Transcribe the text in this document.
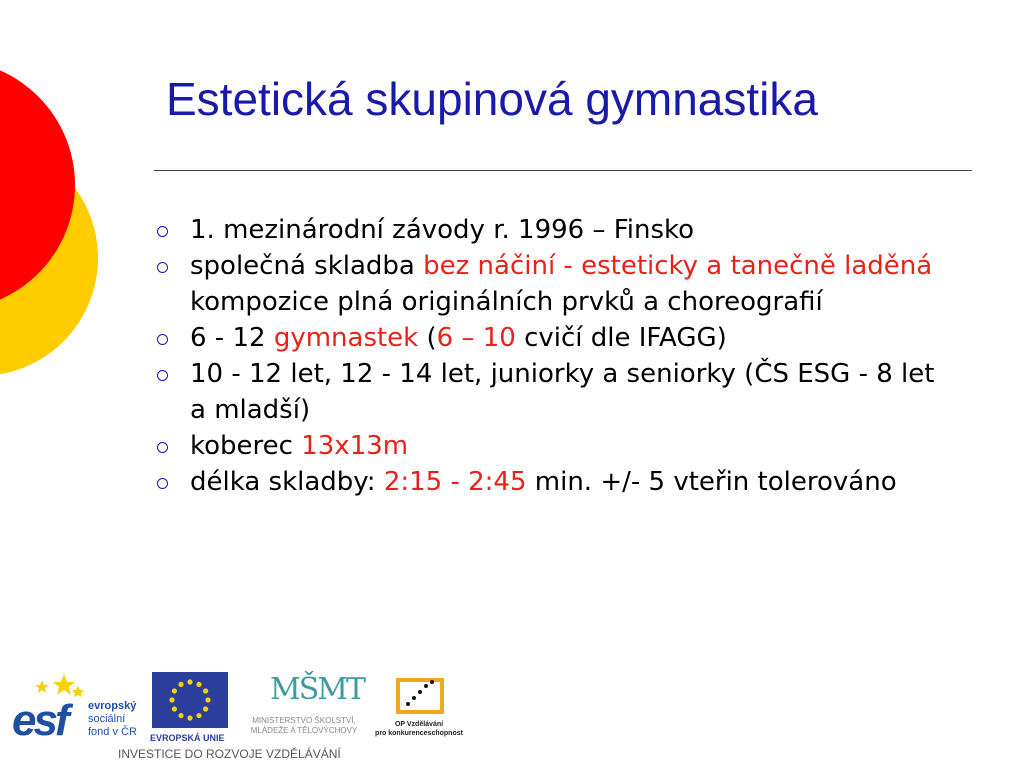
Estetická skupinová gymnastika
1. mezinárodní závody r. 1996 – Finsko
společná skladba bez náčiní - esteticky a tanečně laděná kompozice plná originálních prvků a choreografií
6 - 12 gymnastek (6 – 10 cvičí dle IFAGG)
10 - 12 let, 12 - 14 let, juniorky a seniorky (ČS ESG - 8 let a mladší)
koberec 13x13m
délka skladby: 2:15 - 2:45 min. +/- 5 vteřin tolerováno
esf evropský
sociální
fond v ČR EVROPSKÁ UNIE
MŠMT
MINISTERSTVO ŠKOLSTVÍ,
MLÁDEŽE A TĚLOVÝCHOVY
OP Vzdělávání
pro konkurenceschopnost
INVESTICE DO ROZVOJE VZDĚLÁVÁNÍ
